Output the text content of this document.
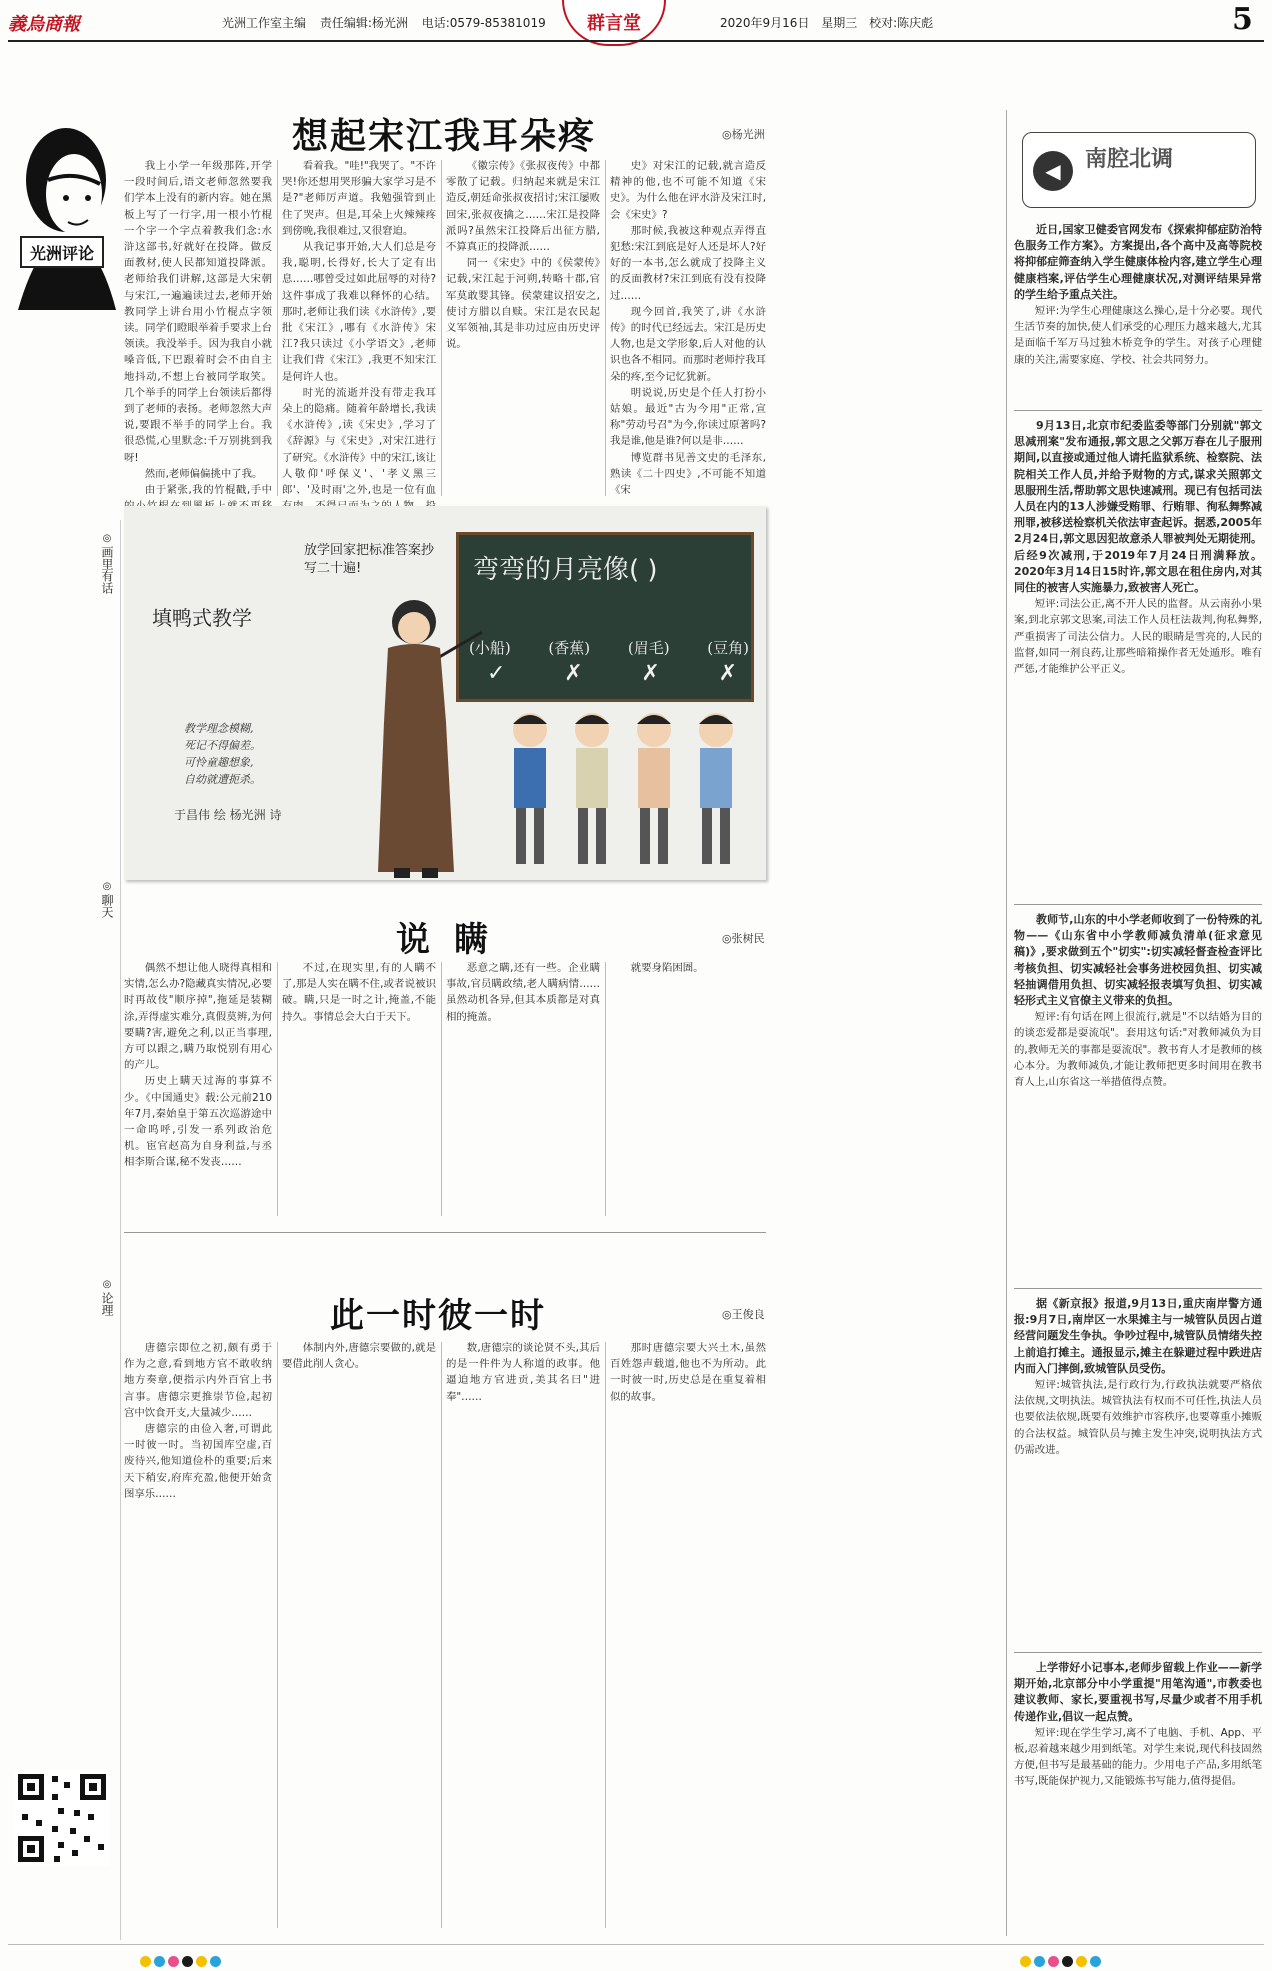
義烏商報	光洲工作室主编 责任编辑:杨光洲 电话:0579-85381019 群言堂	2020年9月16日 星期三 校对:陈庆彪	5
光洲评论
想起宋江我耳朵疼	◎杨光洲

我上小学一年级那阵,开学一段时间后,语文老师忽然要我们学本上没有的新内容。她在黑板上写了一行字,用一根小竹棍一个字一个字点着教我们念:水浒这部书,好就好在投降。做反面教材,使人民都知道投降派。老师给我们讲解,这部是大宋朝与宋江,一遍遍读过去,老师开始教同学上讲台用小竹棍点字领读。同学们瞪眼举着手要求上台领读。我没举手。因为我自小就嗓音低,下巴跟着时会不由自主地抖动,不想上台被同学取笑。几个举手的同学上台领读后都得到了老师的表扬。老师忽然大声说,要跟不举手的同学上台。我很恐慌,心里默念:千万别挑到我呀!

然而,老师偏偏挑中了我。

由于紧张,我的竹棍戳,手中

看着我。"哇!"我哭了。"不许哭!你还想用哭形骗大家学习是不是?"老师厉声道。我勉强管到止住了哭声。但是,耳朵上火辣辣疼到傍晚,我很难过,又很窘迫。

从我记事开始,大人们总是夸我,聪明,长得好,长大了定有出息……哪曾受过如此屈辱的对待?这件事成了我难以释怀的心结。那时,老师让我们读《水浒传》,要批《宋江》,哪有《水浒传》宋江?我只读过《小学语文》,老师让我们背《宋江》,我更不知宋江是何许人也。

时光的流逝并没有带走我耳朵上的隐痛。随着年龄增长,我读《水浒传》,读《宋史》,学习了《辞源》与《宋史》,对宋江进行了研究。《水浒传》中的宋江,该让人敬仰'呼保义'、'孝义黑三郎'、'及时雨'之外,也是一位有血

《徽宗传》《张叔夜传》中都零散了记载。归纳起来就是宋江造反,朝廷命张叔夜招讨;宋江屡败回宋,张叔夜擒之……宋江是投降派吗?虽然宋江投降后出征方腊,不算真正的投降派……

同一《宋史》中的《侯蒙传》记载,宋江起于河朔,转略十郡,官军莫敢婴其锋。侯蒙建议招安之,使讨方腊以自赎。宋江是农民起义军领袖,其是非功过应由历史评说。

史》对宋江的记载,就言造反精神的他,也不可能不知道《宋史》。为什么他在评水浒及宋江时,会《宋史》?

那时候,我被这种观点弄得直犯愁:宋江到底是好人还是坏人?好好的一本书,怎么就成了投降主义的反面教材?宋江到底有没有投降过……

现今回首,我笑了,讲《水浒传》的时代已经远去。宋江是历史人物,也是文学形象,后人对他的认识也各不相同。而那时老师拧我耳朵的疼,至今记忆犹新。

明说说,历史是个任人打扮小姑娘。最近"古为今用"正常,宣称"劳动号召"为今,你读过原著吗?我是谁,他是谁?何以是非……

博览群书见善文史的毛泽东,熟读《二十四史》,不可能不知道《宋

◎
画里有话
◎
聊天
◎
论理
填鸭式教学
教学理念模糊,
死记不得偏差。
可怜童趣想象,
自幼就遭扼杀。
于昌伟 绘 杨光洲 诗
放学回家把标准答案抄写二十遍!	弯弯的月亮像( )
(小船)	(香蕉)	(眉毛)	(豆角)
✓	✗	✗	✗
说 瞒	◎张树民

偶然不想让他人晓得真相和实情,怎么办?隐藏真实情况,必要时再故伎"顺序掉",拖延是装糊涂,弄得虚实难分,真假莫辨,为何要瞒?害,避免之利,以正当事理,方可以跟之,瞒乃取悦别有用心的产儿。

历史上瞒天过海的事算不少。《中国通史》载:公元前210年7月,秦始皇于第五次巡游途中一命呜呼,引发一系列政治危机。宦官赵高为自身利益,与丞相李斯合谋,秘不发丧……

不过,在现实里,有的人瞒不了,那是人实在瞒不住,或者说被识破。瞒,只是一时之计,掩盖,不能持久。事情总会大白于天下。

恶意之瞒,还有一些。企业瞒事故,官员瞒政绩,老人瞒病情……虽然动机各异,但其本质都是对真相的掩盖。

就要身陷困圄。

此一时彼一时	◎王俊良

唐德宗即位之初,颇有勇于作为之意,看到地方官不敢收纳地方奏章,便指示内外百官上书言事。唐德宗更推崇节俭,起初宫中饮食开支,大量减少……

唐德宗的由俭入奢,可谓此一时彼一时。当初国库空虚,百废待兴,他知道俭朴的重要;后来天下稍安,府库充盈,他便开始贪图享乐……

体制内外,唐德宗要做的,就是要借此削人贪心。

数,唐德宗的谈论贤不头,其后的是一件件为人称道的政事。他逼迫地方官进贡,美其名曰"进奉"……

那时唐德宗要大兴土木,虽然百姓怨声载道,他也不为所动。此一时彼一时,历史总是在重复着相似的故事。

◀	南腔北调

近日,国家卫健委官网发布《探索抑郁症防治特色服务工作方案》。方案提出,各个高中及高等院校将抑郁症筛查纳入学生健康体检内容,建立学生心理健康档案,评估学生心理健康状况,对测评结果异常的学生给予重点关注。

短评:为学生心理健康这么操心,是十分必要。现代生活节奏的加快,使人们承受的心理压力越来越大,尤其是面临千军万马过独木桥竞争的学生。对孩子心理健康的关注,需要家庭、学校、社会共同努力。

9月13日,北京市纪委监委等部门分别就"郭文思减刑案"发布通报,郭文思之父郭万春在儿子服刑期间,以直接或通过他人请托监狱系统、检察院、法院相关工作人员,并给予财物的方式,谋求关照郭文思服刑生活,帮助郭文思快速减刑。现已有包括司法人员在内的13人涉嫌受贿罪、行贿罪、徇私舞弊减刑罪,被移送检察机关依法审查起诉。据悉,2005年2月24日,郭文思因犯故意杀人罪被判处无期徒刑。后经9次减刑,于2019年7月24日刑满释放。2020年3月14日15时许,郭文思在租住房内,对其同住的被害人实施暴力,致被害人死亡。

短评:司法公正,离不开人民的监督。从云南孙小果案,到北京郭文思案,司法工作人员枉法裁判,徇私舞弊,严重损害了司法公信力。人民的眼睛是雪亮的,人民的监督,如同一剂良药,让那些暗箱操作者无处遁形。唯有严惩,才能维护公平正义。

教师节,山东的中小学老师收到了一份特殊的礼物——《山东省中小学教师减负清单(征求意见稿)》,要求做到五个"切实":切实减轻督查检查评比考核负担、切实减轻社会事务进校园负担、切实减轻抽调借用负担、切实减轻报表填写负担、切实减轻形式主义官僚主义带来的负担。

短评:有句话在网上很流行,就是"不以结婚为目的的谈恋爱都是耍流氓"。套用这句话:"对教师减负为目的,教师无关的事都是耍流氓"。教书育人才是教师的核心本分。为教师减负,才能让教师把更多时间用在教书育人上,山东省这一举措值得点赞。

据《新京报》报道,9月13日,重庆南岸警方通报:9月7日,南岸区一水果摊主与一城管队员因占道经营问题发生争执。争吵过程中,城管队员情绪失控上前追打摊主。通报显示,摊主在躲避过程中跌进店内而入门摔倒,致城管队员受伤。

短评:城管执法,是行政行为,行政执法就要严格依法依规,文明执法。城管执法有权而不可任性,执法人员也要依法依规,既要有效维护市容秩序,也要尊重小摊贩的合法权益。城管队员与摊主发生冲突,说明执法方式仍需改进。

上学带好小记事本,老师步留载上作业——新学期开始,北京部分中小学重提"用笔沟通",市教委也建议教师、家长,要重视书写,尽量少或者不用手机传递作业,倡议一起点赞。

短评:现在学生学习,离不了电脑、手机、App、平板,忍着越来越少用到纸笔。对学生来说,现代科技固然方便,但书写是最基础的能力。少用电子产品,多用纸笔书写,既能保护视力,又能锻炼书写能力,值得提倡。
